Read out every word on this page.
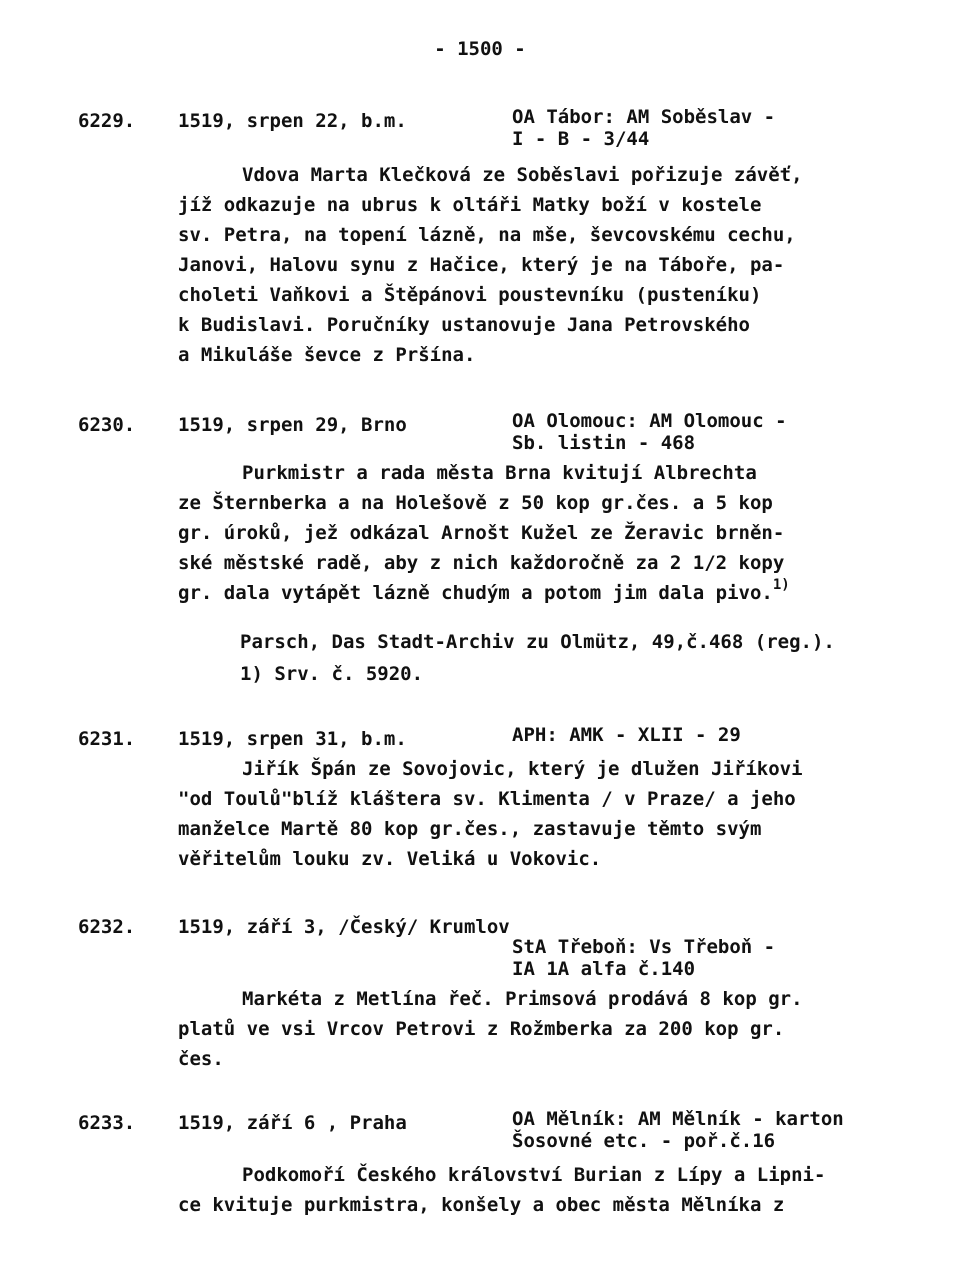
- 1500 -
6229. 1519, srpen 22, b.m.	OA Tábor: AM Soběslav -
I - B - 3/44
Vdova Marta Klečková ze Soběslavi pořizuje závěť,
jíž odkazuje na ubrus k oltáři Matky boží v kostele
sv. Petra, na topení lázně, na mše, ševcovskému cechu,
Janovi, Halovu synu z Hačice, který je na Táboře, pa-
choleti Vaňkovi a Štěpánovi poustevníku (pusteníku)
k Budislavi. Poručníky ustanovuje Jana Petrovského
a Mikuláše ševce z Pršína.
6230. 1519, srpen 29, Brno	OA Olomouc: AM Olomouc -
Sb. listin - 468
Purkmistr a rada města Brna kvitují Albrechta
ze Šternberka a na Holešově z 50 kop gr.čes. a 5 kop
gr. úroků, jež odkázal Arnošt Kužel ze Žeravic brněn-
ské městské radě, aby z nich každoročně za 2 1/2 kopy
gr. dala vytápět lázně chudým a potom jim dala pivo.$^{1)}$
Parsch, Das Stadt-Archiv zu Olmütz, 49,č.468 (reg.).
1) Srv. č. 5920.
6231. 1519, srpen 31, b.m.	APH: AMK - XLII - 29
Jiřík Špán ze Sovojovic, který je dlužen Jiříkovi
"od Toulů"blíž kláštera sv. Klimenta / v Praze/ a jeho
manželce Martě 80 kop gr.čes., zastavuje těmto svým
věřitelům louku zv. Veliká u Vokovic.
6232. 1519, září 3, /Český/ Krumlov
StA Třeboň: Vs Třeboň -
IA 1A alfa č.140
Markéta z Metlína řeč. Primsová prodává 8 kop gr.
platů ve vsi Vrcov Petrovi z Rožmberka za 200 kop gr.
čes.
6233. 1519, září 6 , Praha	OA Mělník: AM Mělník - karton
Šosovné etc. - poř.č.16
Podkomoří Českého království Burian z Lípy a Lipni-
ce kvituje purkmistra, konšely a obec města Mělníka z
